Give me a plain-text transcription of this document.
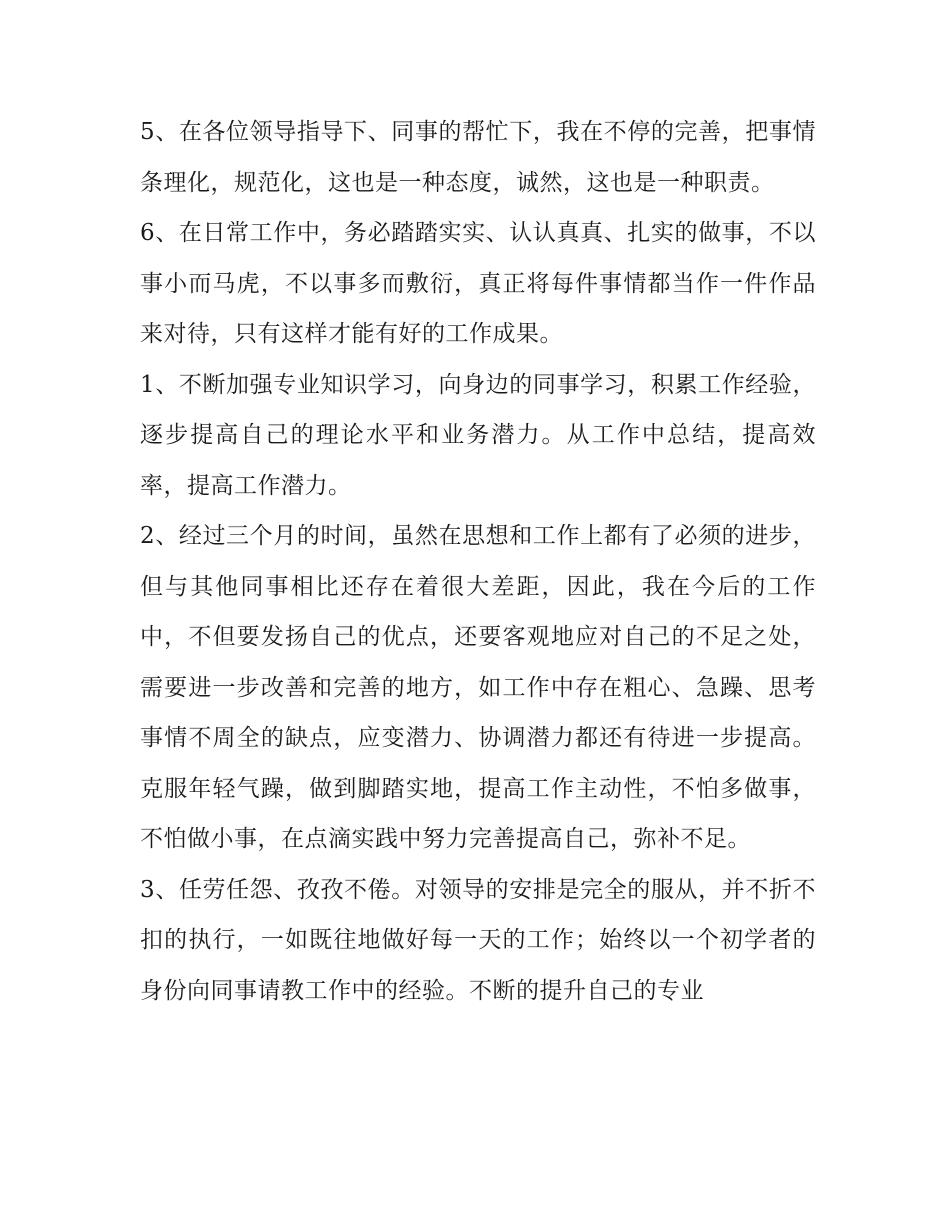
5、在各位领导指导下、同事的帮忙下，我在不停的完善，把事情条理化，规范化，这也是一种态度，诚然，这也是一种职责。

6、在日常工作中，务必踏踏实实、认认真真、扎实的做事，不以事小而马虎，不以事多而敷衍，真正将每件事情都当作一件作品来对待，只有这样才能有好的工作成果。

1、不断加强专业知识学习，向身边的同事学习，积累工作经验，逐步提高自己的理论水平和业务潜力。从工作中总结，提高效率，提高工作潜力。

2、经过三个月的时间，虽然在思想和工作上都有了必须的进步，但与其他同事相比还存在着很大差距，因此，我在今后的工作中，不但要发扬自己的优点，还要客观地应对自己的不足之处，需要进一步改善和完善的地方，如工作中存在粗心、急躁、思考事情不周全的缺点，应变潜力、协调潜力都还有待进一步提高。克服年轻气躁，做到脚踏实地，提高工作主动性，不怕多做事，不怕做小事，在点滴实践中努力完善提高自己，弥补不足。

3、任劳任怨、孜孜不倦。对领导的安排是完全的服从，并不折不扣的执行，一如既往地做好每一天的工作；始终以一个初学者的身份向同事请教工作中的经验。不断的提升自己的专业
